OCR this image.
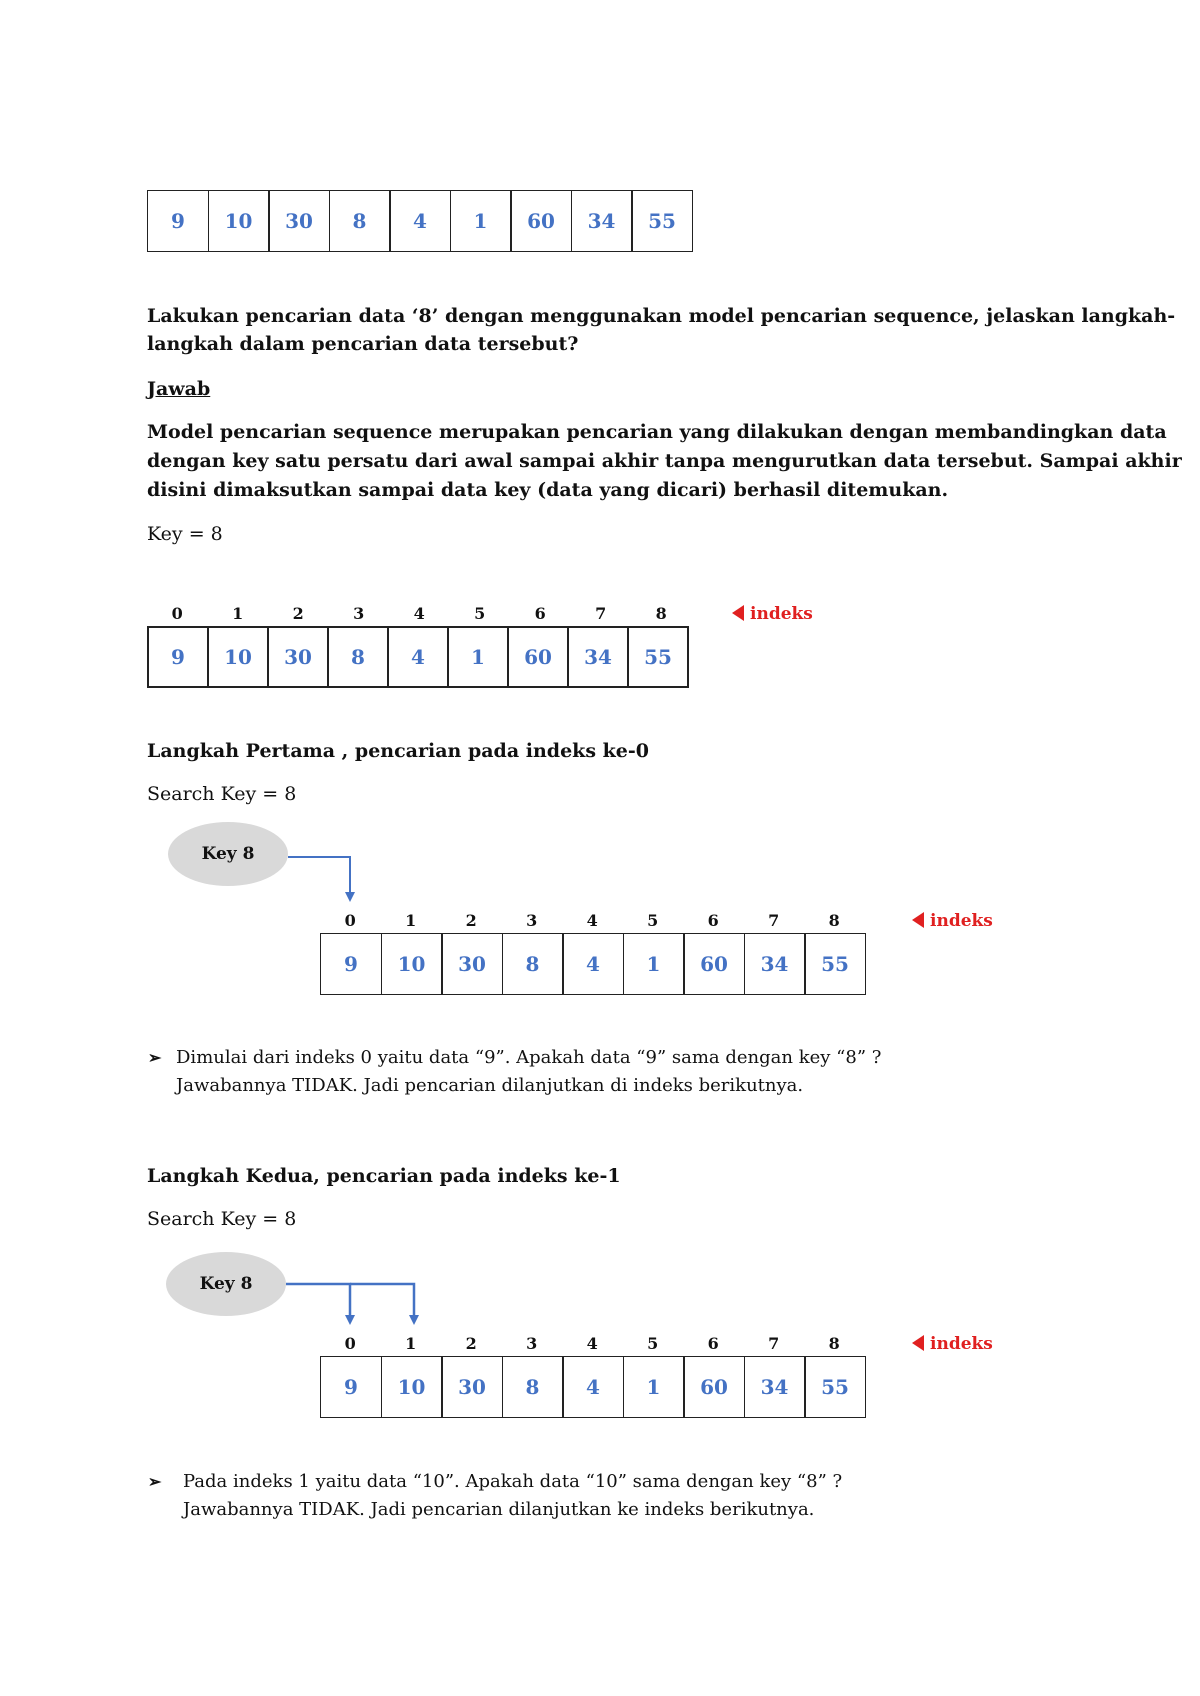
9	10	30	8	4	1	60	34	55
Lakukan pencarian data ‘8’ dengan menggunakan model pencarian sequence, jelaskan langkah-
langkah dalam pencarian data tersebut?
Jawab
Model pencarian sequence merupakan pencarian yang dilakukan dengan membandingkan data
dengan key satu persatu dari awal sampai akhir tanpa mengurutkan data tersebut. Sampai akhir
disini dimaksutkan sampai data key (data yang dicari) berhasil ditemukan.
Key = 8
0	1	2	3	4	5	6	7	8	indeks
9	10	30	8	4	1	60	34	55
Langkah Pertama , pencarian pada indeks ke-0
Search Key = 8
Key 8
0	1	2	3	4	5	6	7	8	indeks
9	10	30	8	4	1	60	34	55
➢ Dimulai dari indeks 0 yaitu data “9”. Apakah data “9” sama dengan key “8” ?
Jawabannya TIDAK. Jadi pencarian dilanjutkan di indeks berikutnya.
Langkah Kedua, pencarian pada indeks ke-1
Search Key = 8
Key 8
0	1	2	3	4	5	6	7	8	indeks
9	10	30	8	4	1	60	34	55
➢ Pada indeks 1 yaitu data “10”. Apakah data “10” sama dengan key “8” ?
Jawabannya TIDAK. Jadi pencarian dilanjutkan ke indeks berikutnya.
